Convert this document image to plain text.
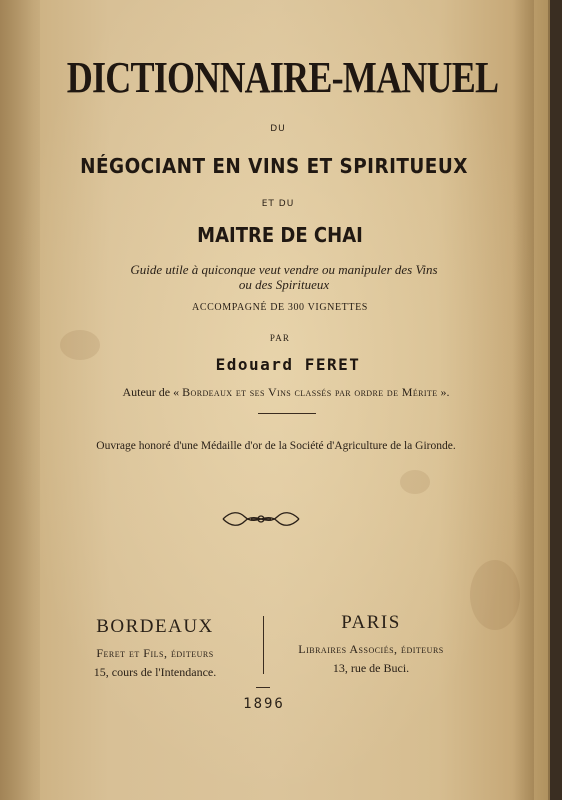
DICTIONNAIRE-MANUEL
DU
NÉGOCIANT EN VINS ET SPIRITUEUX
ET DU
MAITRE DE CHAI
Guide utile à quiconque veut vendre ou manipuler des Vins
ou des Spiritueux
ACCOMPAGNÉ DE 300 VIGNETTES
PAR
Edouard FERET
Auteur de « Bordeaux et ses Vins classés par ordre de Mérite ».
Ouvrage honoré d'une Médaille d'or de la Société d'Agriculture de la Gironde.
BORDEAUX
Feret et Fils, éditeurs
15, cours de l'Intendance.
PARIS
Libraires Associés, éditeurs
13, rue de Buci.
1896
